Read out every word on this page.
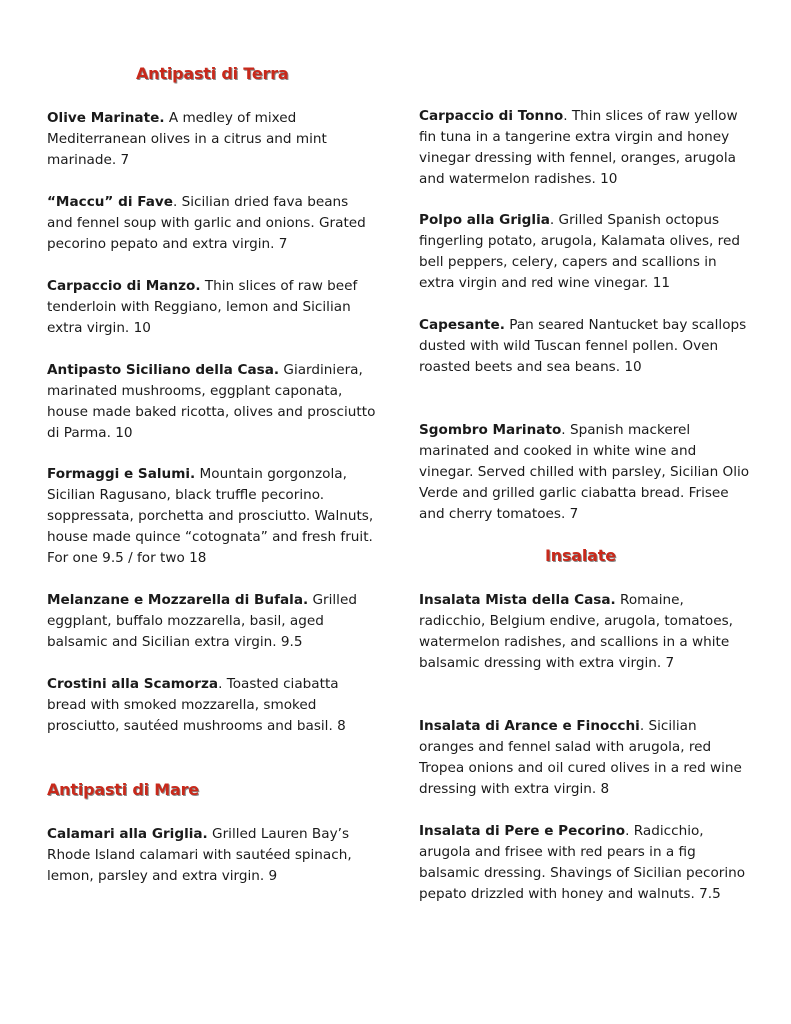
Antipasti di Terra

Olive Marinate. A medley of mixed Mediterranean olives in a citrus and mint marinade. 7

“Maccu” di Fave. Sicilian dried fava beans and fennel soup with garlic and onions. Grated pecorino pepato and extra virgin. 7

Carpaccio di Manzo. Thin slices of raw beef tenderloin with Reggiano, lemon and Sicilian extra virgin. 10

Antipasto Siciliano della Casa. Giardiniera, marinated mushrooms, eggplant caponata, house made baked ricotta, olives and prosciutto di Parma. 10

Formaggi e Salumi. Mountain gorgonzola, Sicilian Ragusano, black truffle pecorino. soppressata, porchetta and prosciutto. Walnuts, house made quince “cotognata” and fresh fruit. For one 9.5 / for two 18

Melanzane e Mozzarella di Bufala. Grilled eggplant, buffalo mozzarella, basil, aged balsamic and Sicilian extra virgin. 9.5

Crostini alla Scamorza. Toasted ciabatta bread with smoked mozzarella, smoked prosciutto, sautéed mushrooms and basil. 8

Antipasti di Mare

Calamari alla Griglia. Grilled Lauren Bay’s Rhode Island calamari with sautéed spinach, lemon, parsley and extra virgin. 9

Carpaccio di Tonno. Thin slices of raw yellow fin tuna in a tangerine extra virgin and honey vinegar dressing with fennel, oranges, arugola and watermelon radishes. 10

Polpo alla Griglia. Grilled Spanish octopus fingerling potato, arugola, Kalamata olives, red bell peppers, celery, capers and scallions in extra virgin and red wine vinegar. 11

Capesante. Pan seared Nantucket bay scallops dusted with wild Tuscan fennel pollen. Oven roasted beets and sea beans. 10

Sgombro Marinato. Spanish mackerel marinated and cooked in white wine and vinegar. Served chilled with parsley, Sicilian Olio Verde and grilled garlic ciabatta bread. Frisee and cherry tomatoes. 7

Insalate

Insalata Mista della Casa. Romaine, radicchio, Belgium endive, arugola, tomatoes, watermelon radishes, and scallions in a white balsamic dressing with extra virgin. 7

Insalata di Arance e Finocchi. Sicilian oranges and fennel salad with arugola, red Tropea onions and oil cured olives in a red wine dressing with extra virgin. 8

Insalata di Pere e Pecorino. Radicchio, arugola and frisee with red pears in a fig balsamic dressing. Shavings of Sicilian pecorino pepato drizzled with honey and walnuts. 7.5
